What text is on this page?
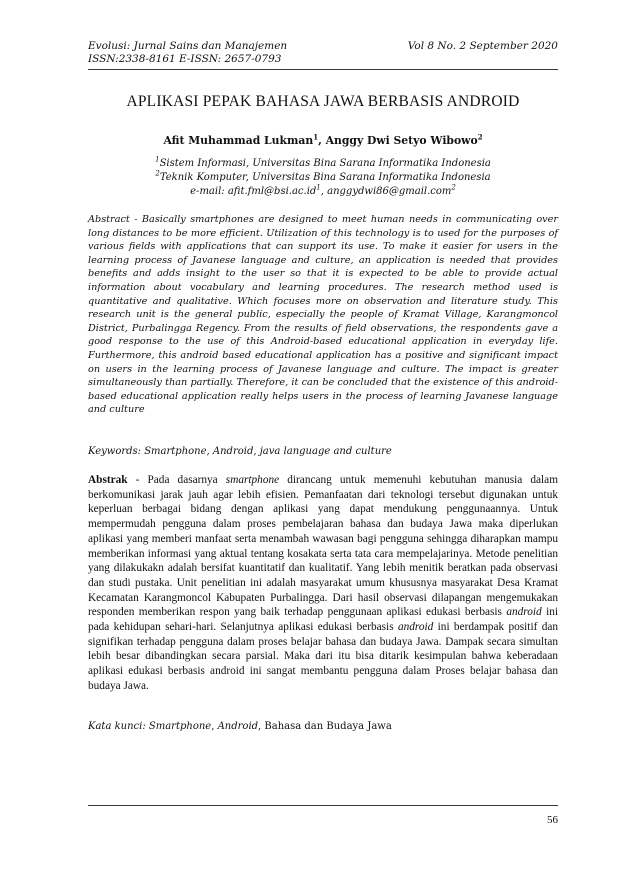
Evolusi: Jurnal Sains dan Manajemen	Vol 8 No. 2 September 2020
ISSN:2338-8161 E-ISSN: 2657-0793
APLIKASI PEPAK BAHASA JAWA BERBASIS ANDROID
Afit Muhammad Lukman$^1$, Anggy Dwi Setyo Wibowo$^2$
$^1$Sistem Informasi, Universitas Bina Sarana Informatika Indonesia
$^2$Teknik Komputer, Universitas Bina Sarana Informatika Indonesia
e-mail: $afit.fml@bsi.ac.id^1$, anggydwi86@gmail.com$^2$
Abstract - Basically smartphones are designed to meet human needs in communicating over long distances to be more efficient. Utilization of this technology is to used for the purposes of various fields with applications that can support its use. To make it easier for users in the learning process of Javanese language and culture, an application is needed that provides benefits and adds insight to the user so that it is expected to be able to provide actual information about vocabulary and learning procedures. The research method used is quantitative and qualitative. Which focuses more on observation and literature study. This research unit is the general public, especially the people of Kramat Village, Karangmoncol District, Purbalingga Regency. From the results of field observations, the respondents gave a good response to the use of this Android-based educational application in everyday life. Furthermore, this android based educational application has a positive and significant impact on users in the learning process of Javanese language and culture. The impact is greater simultaneously than partially. Therefore, it can be concluded that the existence of this android-based educational application really helps users in the process of learning Javanese language and culture
Keywords: Smartphone, Android, java language and culture
Abstrak - Pada dasarnya smartphone dirancang untuk memenuhi kebutuhan manusia dalam berkomunikasi jarak jauh agar lebih efisien. Pemanfaatan dari teknologi tersebut digunakan untuk keperluan berbagai bidang dengan aplikasi yang dapat mendukung penggunaannya. Untuk mempermudah pengguna dalam proses pembelajaran bahasa dan budaya Jawa maka diperlukan aplikasi yang memberi manfaat serta menambah wawasan bagi pengguna sehingga diharapkan mampu memberikan informasi yang aktual tentang kosakata serta tata cara mempelajarinya. Metode penelitian yang dilakukakn adalah bersifat kuantitatif dan kualitatif. Yang lebih menitik beratkan pada observasi dan studi pustaka. Unit penelitian ini adalah masyarakat umum khususnya masyarakat Desa Kramat Kecamatan Karangmoncol Kabupaten Purbalingga. Dari hasil observasi dilapangan mengemukakan responden memberikan respon yang baik terhadap penggunaan aplikasi edukasi berbasis android ini pada kehidupan sehari-hari. Selanjutnya aplikasi edukasi berbasis android ini berdampak positif dan signifikan terhadap pengguna dalam proses belajar bahasa dan budaya Jawa. Dampak secara simultan lebih besar dibandingkan secara parsial. Maka dari itu bisa ditarik kesimpulan bahwa keberadaan aplikasi edukasi berbasis android ini sangat membantu pengguna dalam Proses belajar bahasa dan budaya Jawa.
Kata kunci: Smartphone, Android, Bahasa dan Budaya Jawa
56
